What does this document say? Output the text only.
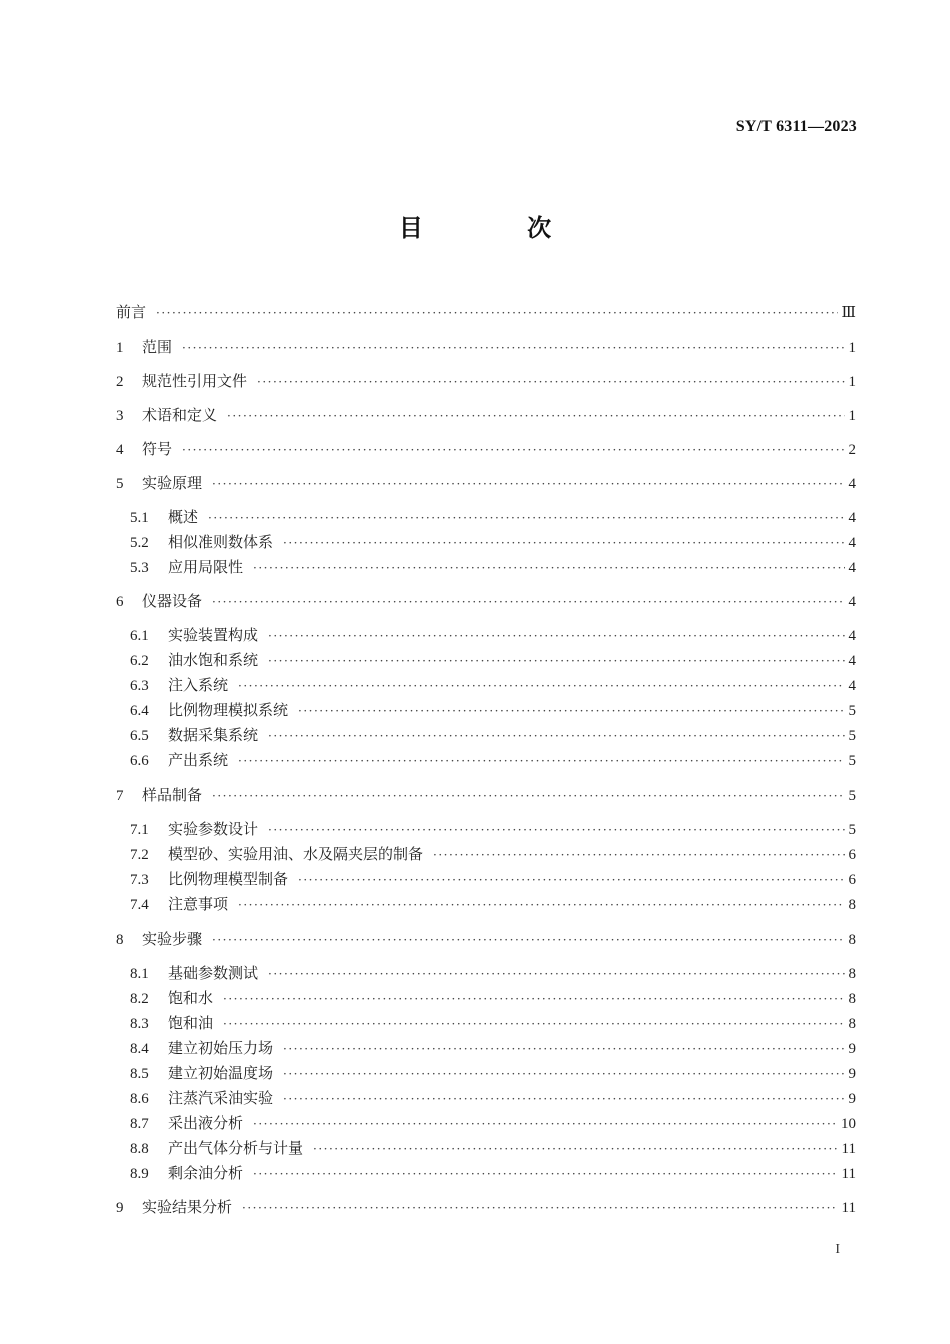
SY/T 6311—2023
目 次
前言 ·····	Ⅲ
1	范围 ·····	1
2	规范性引用文件 ·····	1
3	术语和定义 ·····	1
4	符号 ·····	2
5	实验原理 ·····	4
5.1	概述 ·····	4
5.2	相似准则数体系 ·····	4
5.3	应用局限性 ·····	4
6	仪器设备 ·····	4
6.1	实验装置构成 ·····	4
6.2	油水饱和系统 ·····	4
6.3	注入系统 ·····	4
6.4	比例物理模拟系统 ·····	5
6.5	数据采集系统 ·····	5
6.6	产出系统 ·····	5
7	样品制备 ·····	5
7.1	实验参数设计 ·····	5
7.2	模型砂、实验用油、水及隔夹层的制备 ·····	6
7.3	比例物理模型制备 ·····	6
7.4	注意事项 ·····	8
8	实验步骤 ·····	8
8.1	基础参数测试 ·····	8
8.2	饱和水 ·····	8
8.3	饱和油 ·····	8
8.4	建立初始压力场 ·····	9
8.5	建立初始温度场 ·····	9
8.6	注蒸汽采油实验 ·····	9
8.7	采出液分析 ·····	10
8.8	产出气体分析与计量 ·····	11
8.9	剩余油分析 ·····	11
9	实验结果分析 ·····	11
I
